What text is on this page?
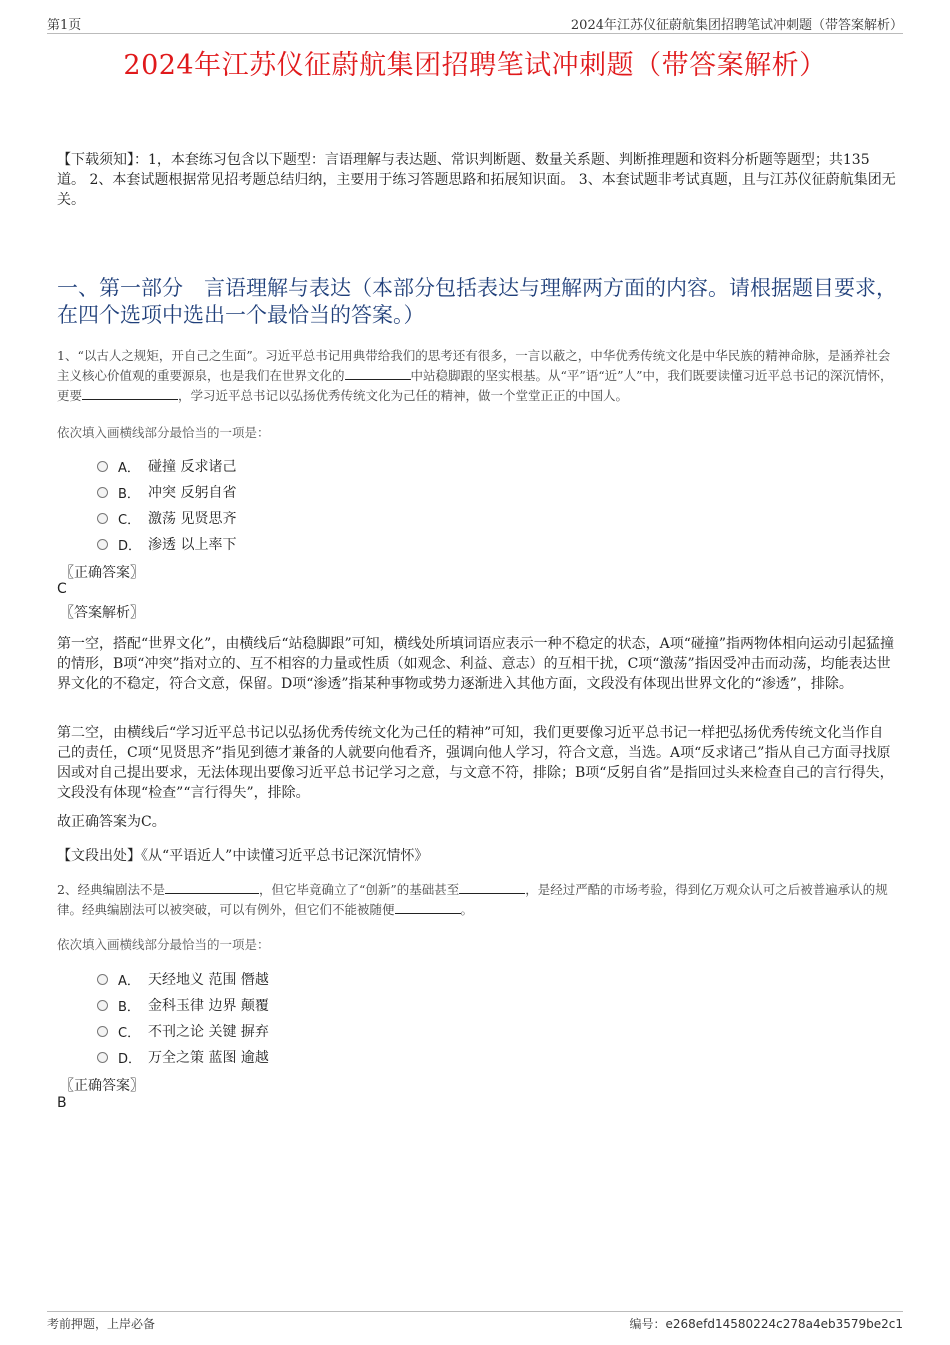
第1页	2024年江苏仪征蔚航集团招聘笔试冲刺题（带答案解析）
2024年江苏仪征蔚航集团招聘笔试冲刺题（带答案解析）
【下载须知】：1，本套练习包含以下题型：言语理解与表达题、常识判断题、数量关系题、判断推理题和资料分析题等题型；共135道。 2、本套试题根据常见招考题总结归纳，主要用于练习答题思路和拓展知识面。 3、本套试题非考试真题，且与江苏仪征蔚航集团无关。
一、第一部分　言语理解与表达（本部分包括表达与理解两方面的内容。请根据题目要求，在四个选项中选出一个最恰当的答案。）
1、“以古人之规矩，开自己之生面”。习近平总书记用典带给我们的思考还有很多，一言以蔽之，中华优秀传统文化是中华民族的精神命脉，是涵养社会主义核心价值观的重要源泉，也是我们在世界文化的	中站稳脚跟的坚实根基。从“平”语“近”人”中，我们既要读懂习近平总书记的深沉情怀，更要	，学习近平总书记以弘扬优秀传统文化为己任的精神，做一个堂堂正正的中国人。
依次填入画横线部分最恰当的一项是：
A． 碰撞 反求诸己
B． 冲突 反躬自省
C． 激荡 见贤思齐
D． 渗透 以上率下
〖正确答案〗
C
〖答案解析〗
第一空，搭配“世界文化”，由横线后“站稳脚跟”可知，横线处所填词语应表示一种不稳定的状态，A项“碰撞”指两物体相向运动引起猛撞的情形，B项“冲突”指对立的、互不相容的力量或性质（如观念、利益、意志）的互相干扰，C项“激荡”指因受冲击而动荡，均能表达世界文化的不稳定，符合文意，保留。D项“渗透”指某种事物或势力逐渐进入其他方面，文段没有体现出世界文化的“渗透”，排除。
第二空，由横线后“学习近平总书记以弘扬优秀传统文化为己任的精神”可知，我们更要像习近平总书记一样把弘扬优秀传统文化当作自己的责任，C项“见贤思齐”指见到德才兼备的人就要向他看齐，强调向他人学习，符合文意，当选。A项“反求诸己”指从自己方面寻找原因或对自己提出要求，无法体现出要像习近平总书记学习之意，与文意不符，排除；B项“反躬自省”是指回过头来检查自己的言行得失，文段没有体现“检查”“言行得失”，排除。
故正确答案为C。
【文段出处】《从“平语近人”中读懂习近平总书记深沉情怀》
2、经典编剧法不是	，但它毕竟确立了“创新”的基础甚至	，是经过严酷的市场考验，得到亿万观众认可之后被普遍承认的规律。经典编剧法可以被突破，可以有例外，但它们不能被随便	。
依次填入画横线部分最恰当的一项是：
A． 天经地义 范围 僭越
B． 金科玉律 边界 颠覆
C． 不刊之论 关键 摒弃
D． 万全之策 蓝图 逾越
〖正确答案〗
B
考前押题，上岸必备	编号：e268efd14580224c278a4eb3579be2c1
